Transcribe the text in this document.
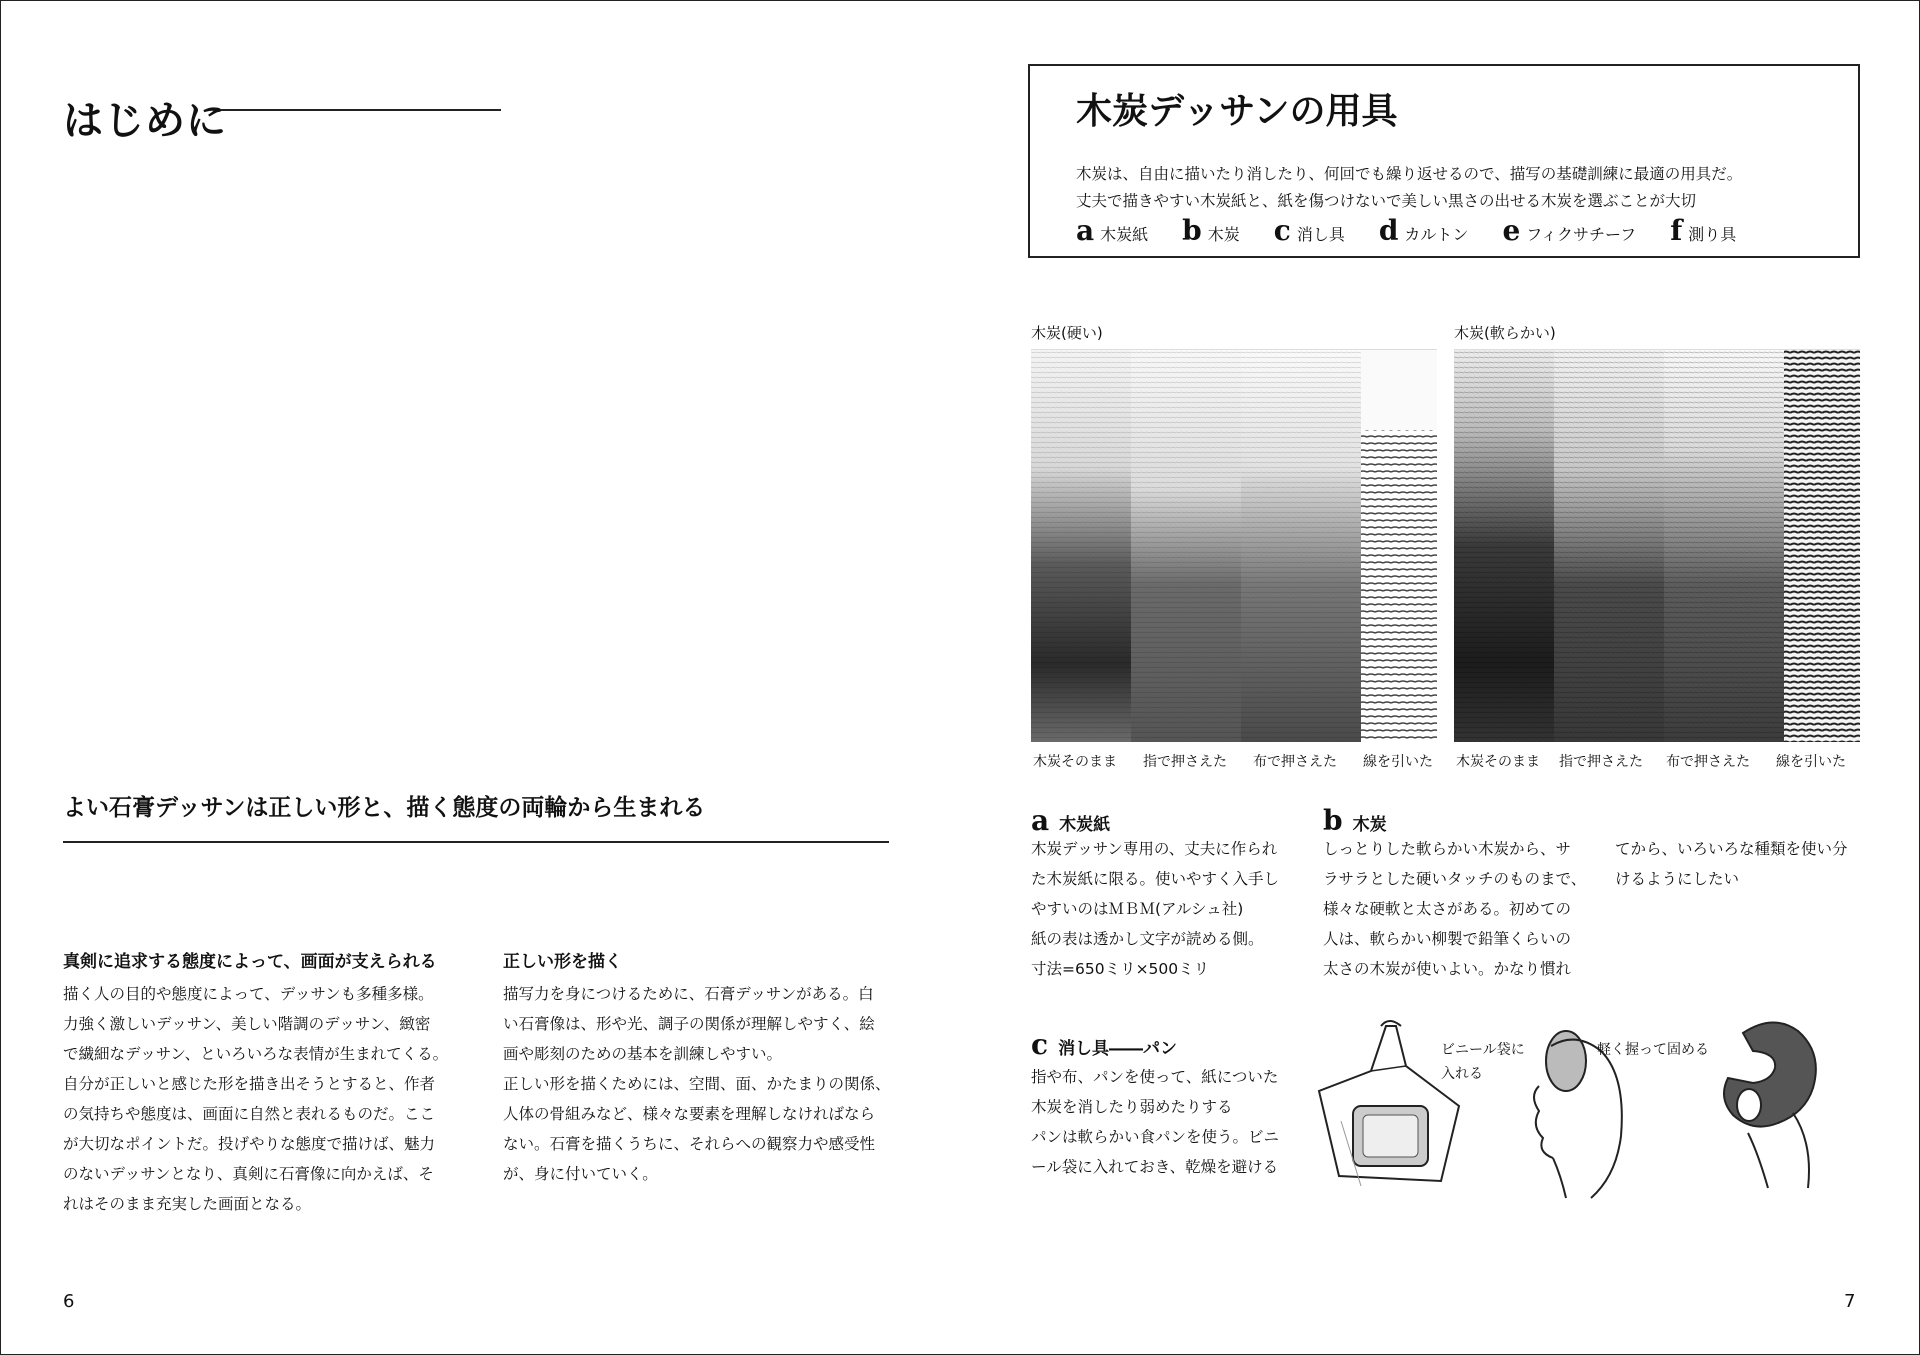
はじめに
よい石膏デッサンは正しい形と、描く態度の両輪から生まれる
真剣に追求する態度によって、画面が支えられる

描く人の目的や態度によって、デッサンも多種多様。

力強く激しいデッサン、美しい階調のデッサン、緻密

で繊細なデッサン、といろいろな表情が生まれてくる。

自分が正しいと感じた形を描き出そうとすると、作者

の気持ちや態度は、画面に自然と表れるものだ。ここ

が大切なポイントだ。投げやりな態度で描けば、魅力

のないデッサンとなり、真剣に石膏像に向かえば、そ

れはそのまま充実した画面となる。

正しい形を描く

描写力を身につけるために、石膏デッサンがある。白

い石膏像は、形や光、調子の関係が理解しやすく、絵

画や彫刻のための基本を訓練しやすい。

正しい形を描くためには、空間、面、かたまりの関係、

人体の骨組みなど、様々な要素を理解しなければなら

ない。石膏を描くうちに、それらへの観察力や感受性

が、身に付いていく。

6
木炭デッサンの用具
木炭は、自由に描いたり消したり、何回でも繰り返せるので、描写の基礎訓練に最適の用具だ。
丈夫で描きやすい木炭紙と、紙を傷つけないで美しい黒さの出せる木炭を選ぶことが大切
a 木炭紙 b 木炭 c 消し具 d カルトン e フィクサチーフ f 測り具
木炭(硬い)	木炭(軟らかい)
木炭そのまま 指で押さえた 布で押さえた 線を引いた 木炭そのまま 指で押さえた 布で押さえた 線を引いた
a 木炭紙
木炭デッサン専用の、丈夫に作られ
た木炭紙に限る。使いやすく入手し
やすいのはＭＢＭ(アルシュ社)
紙の表は透かし文字が読める側。
寸法=650ミリ×500ミリ
b 木炭
しっとりした軟らかい木炭から、サ
ラサラとした硬いタッチのものまで、
様々な硬軟と太さがある。初めての
人は、軟らかい柳製で鉛筆くらいの
太さの木炭が使いよい。かなり慣れ
てから、いろいろな種類を使い分
けるようにしたい
c 消し具――パン
指や布、パンを使って、紙についた
木炭を消したり弱めたりする
パンは軟らかい食パンを使う。ビニ
ール袋に入れておき、乾燥を避ける
ビニール袋に
入れる
軽く握って固める
7
